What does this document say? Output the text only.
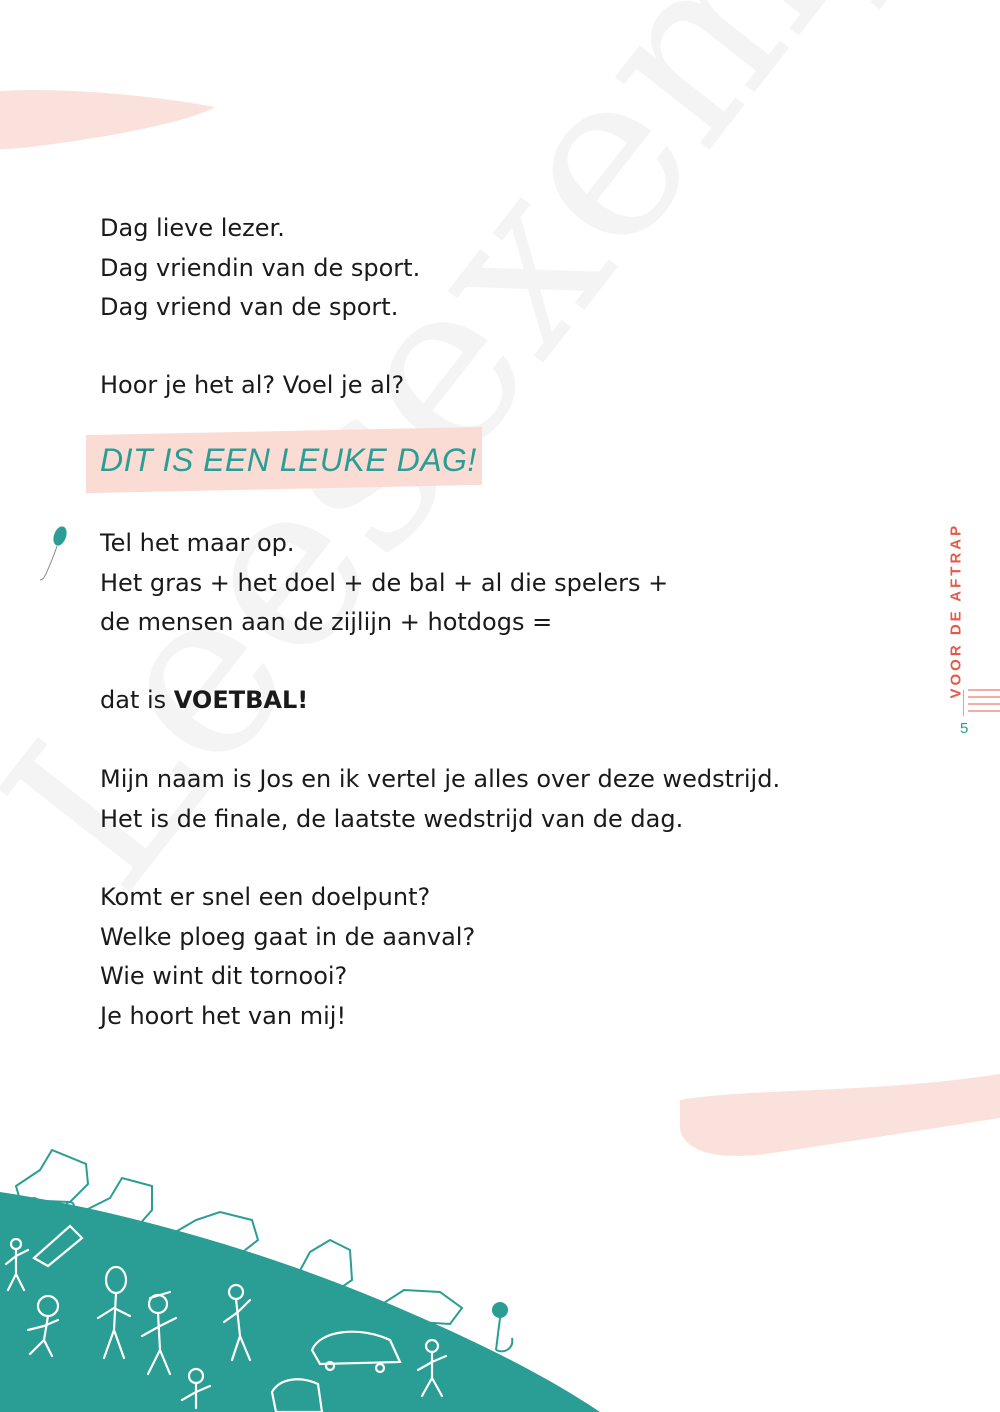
Dag lieve lezer.

Dag vriendin van de sport.

Dag vriend van de sport.

Hoor je het al? Voel je al?

DIT IS EEN LEUKE DAG!

Tel het maar op.

Het gras + het doel + de bal + al die spelers +

de mensen aan de zijlijn + hotdogs =

dat is VOETBAL!

Mijn naam is Jos en ik vertel je alles over deze wedstrijd.

Het is de finale, de laatste wedstrijd van de dag.

Komt er snel een doelpunt?

Welke ploeg gaat in de aanval?

Wie wint dit tornooi?

Je hoort het van mij!

VOOR DE AFTRAP
5
